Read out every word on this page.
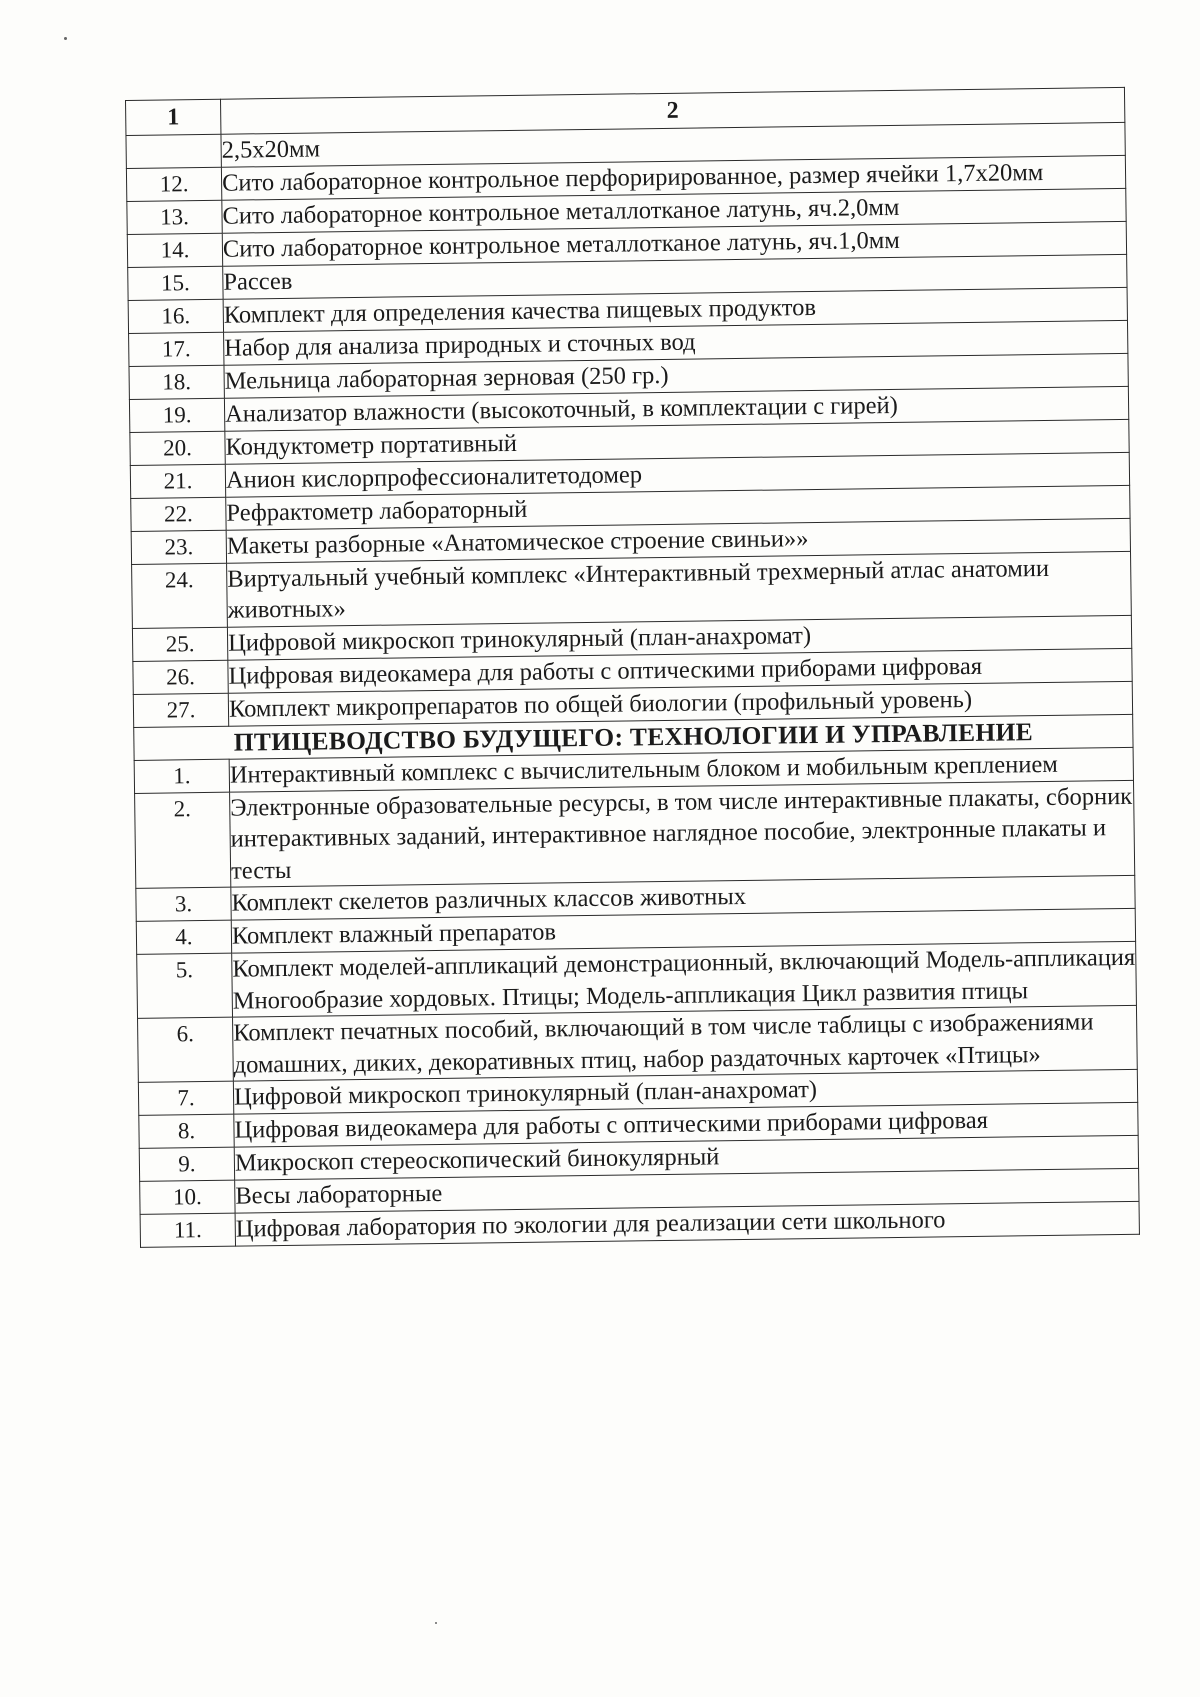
1	2
	2,5х20мм
12.	Сито лабораторное контрольное перфорирированное, размер ячейки 1,7х20мм
13.	Сито лабораторное контрольное металлотканое латунь, яч.2,0мм
14.	Сито лабораторное контрольное металлотканое латунь, яч.1,0мм
15.	Рассев
16.	Комплект для определения качества пищевых продуктов
17.	Набор для анализа природных и сточных вод
18.	Мельница лабораторная зерновая (250 гр.)
19.	Анализатор влажности (высокоточный, в комплектации с гирей)
20.	Кондуктометр портативный
21.	Анион кислорпрофессионалитетодомер
22.	Рефрактометр лабораторный
23.	Макеты разборные «Анатомическое строение свиньи»»
24.	Виртуальный учебный комплекс «Интерактивный трехмерный атлас анатомии животных»
25.	Цифровой микроскоп тринокулярный (план-анахромат)
26.	Цифровая видеокамера для работы с оптическими приборами цифровая
27.	Комплект микропрепаратов по общей биологии (профильный уровень)
ПТИЦЕВОДСТВО БУДУЩЕГО: ТЕХНОЛОГИИ И УПРАВЛЕНИЕ	
1.	Интерактивный комплекс с вычислительным блоком и мобильным креплением
2.	Электронные образовательные ресурсы, в том числе интерактивные плакаты, сборник интерактивных заданий, интерактивное наглядное пособие, электронные плакаты и тесты
3.	Комплект скелетов различных классов животных
4.	Комплект влажный препаратов
5.	Комплект моделей-аппликаций демонстрационный, включающий Модель-аппликация Многообразие хордовых. Птицы; Модель-аппликация Цикл развития птицы
6.	Комплект печатных пособий, включающий в том числе таблицы с изображениями домашних, диких, декоративных птиц, набор раздаточных карточек «Птицы»
7.	Цифровой микроскоп тринокулярный (план-анахромат)
8.	Цифровая видеокамера для работы с оптическими приборами цифровая
9.	Микроскоп стереоскопический бинокулярный
10.	Весы лабораторные
11.	Цифровая лаборатория по экологии для реализации сети школьного
